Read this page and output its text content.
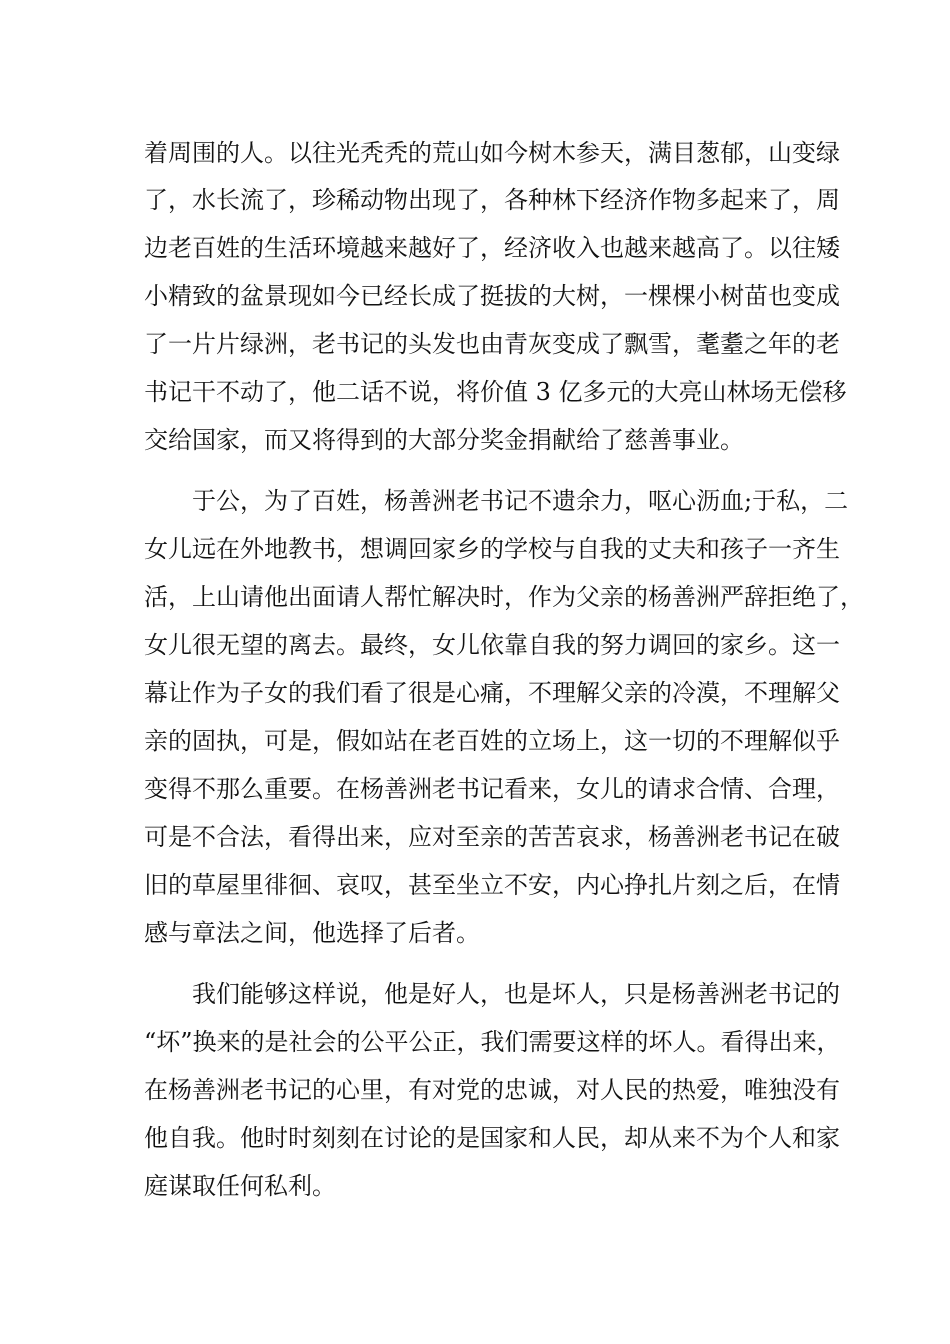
着周围的人。以往光秃秃的荒山如今树木参天，满目葱郁，山变绿
了，水长流了，珍稀动物出现了，各种林下经济作物多起来了，周
边老百姓的生活环境越来越好了，经济收入也越来越高了。以往矮
小精致的盆景现如今已经长成了挺拔的大树，一棵棵小树苗也变成
了一片片绿洲，老书记的头发也由青灰变成了飘雪，耄耋之年的老
书记干不动了，他二话不说，将价值 3 亿多元的大亮山林场无偿移
交给国家，而又将得到的大部分奖金捐献给了慈善事业。
于公，为了百姓，杨善洲老书记不遗余力，呕心沥血;于私，二
女儿远在外地教书，想调回家乡的学校与自我的丈夫和孩子一齐生
活，上山请他出面请人帮忙解决时，作为父亲的杨善洲严辞拒绝了，
女儿很无望的离去。最终，女儿依靠自我的努力调回的家乡。这一
幕让作为子女的我们看了很是心痛，不理解父亲的冷漠，不理解父
亲的固执，可是，假如站在老百姓的立场上，这一切的不理解似乎
变得不那么重要。在杨善洲老书记看来，女儿的请求合情、合理，
可是不合法，看得出来，应对至亲的苦苦哀求，杨善洲老书记在破
旧的草屋里徘徊、哀叹，甚至坐立不安，内心挣扎片刻之后，在情
感与章法之间，他选择了后者。
我们能够这样说，他是好人，也是坏人，只是杨善洲老书记的
“坏”换来的是社会的公平公正，我们需要这样的坏人。看得出来，
在杨善洲老书记的心里，有对党的忠诚，对人民的热爱，唯独没有
他自我。他时时刻刻在讨论的是国家和人民，却从来不为个人和家
庭谋取任何私利。
